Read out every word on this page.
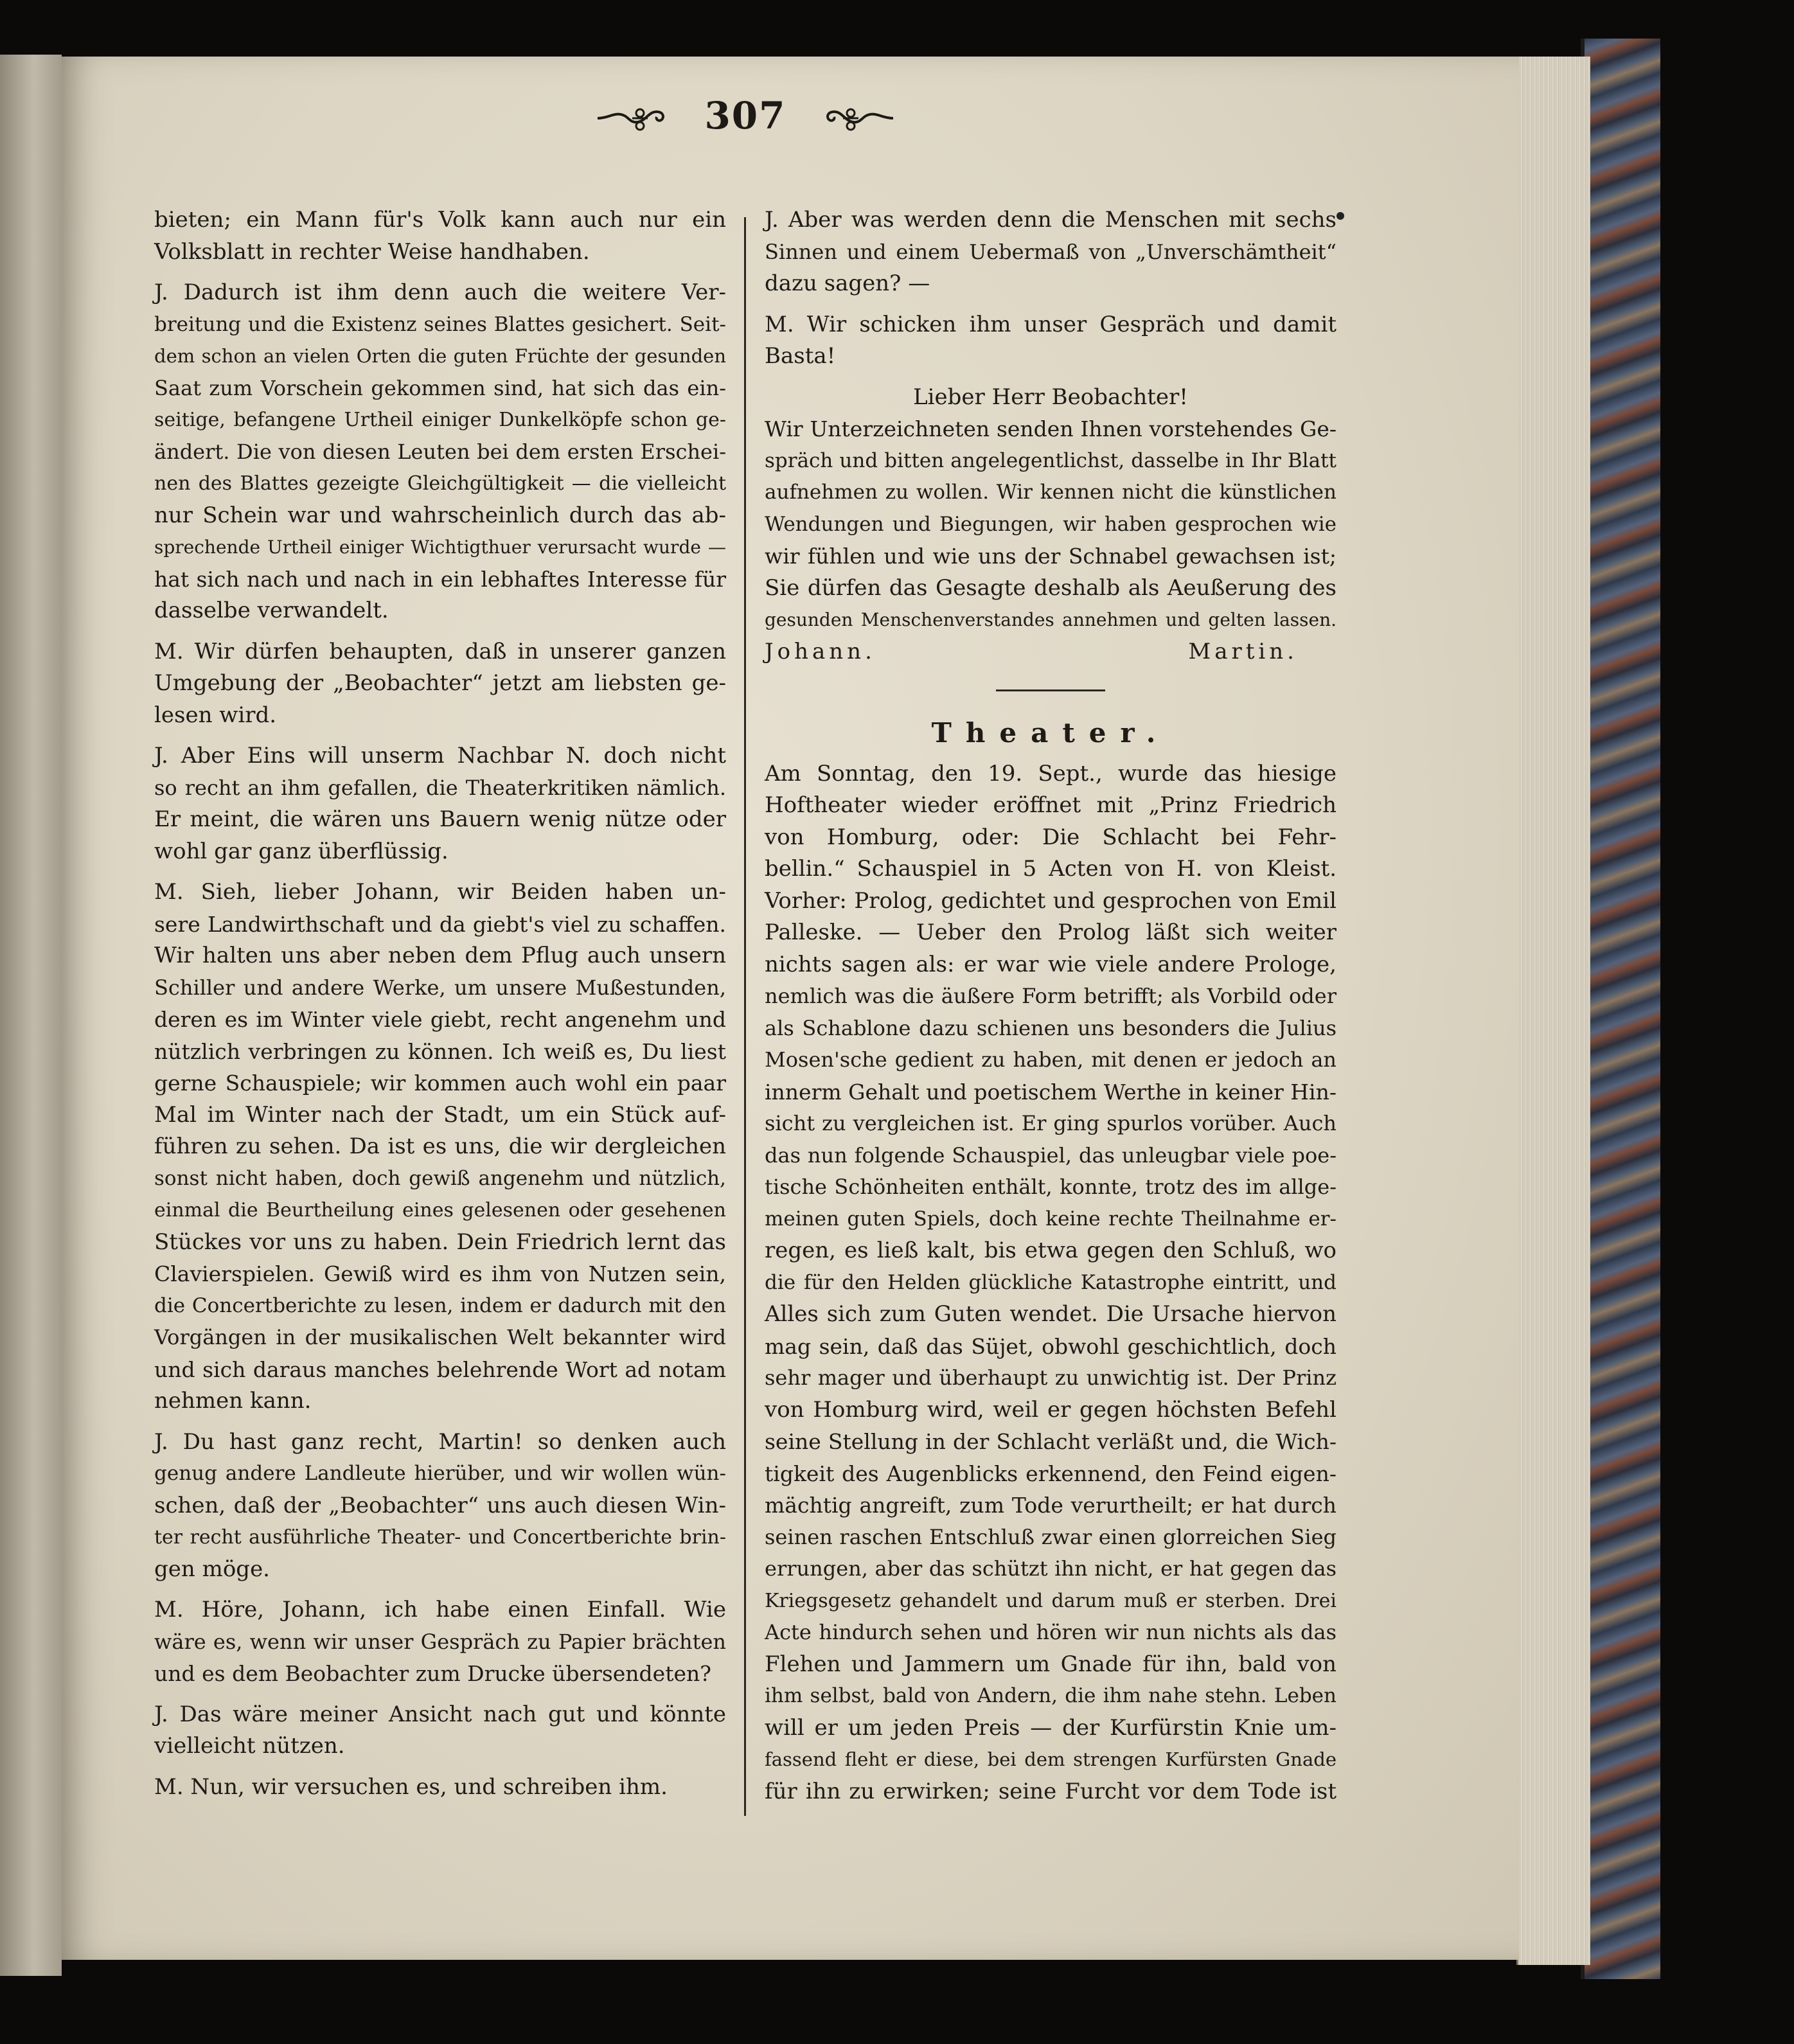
307

bieten; ein Mann für's Volk kann auch nur ein

Volksblatt in rechter Weise handhaben.

J. Dadurch ist ihm denn auch die weitere Ver-

breitung und die Existenz seines Blattes gesichert. Seit-

dem schon an vielen Orten die guten Früchte der gesunden

Saat zum Vorschein gekommen sind, hat sich das ein-

seitige, befangene Urtheil einiger Dunkelköpfe schon ge-

ändert. Die von diesen Leuten bei dem ersten Erschei-

nen des Blattes gezeigte Gleichgültigkeit — die vielleicht

nur Schein war und wahrscheinlich durch das ab-

sprechende Urtheil einiger Wichtigthuer verursacht wurde —

hat sich nach und nach in ein lebhaftes Interesse für

dasselbe verwandelt.

M. Wir dürfen behaupten, daß in unserer ganzen

Umgebung der „Beobachter“ jetzt am liebsten ge-

lesen wird.

J. Aber Eins will unserm Nachbar N. doch nicht

so recht an ihm gefallen, die Theaterkritiken nämlich.

Er meint, die wären uns Bauern wenig nütze oder

wohl gar ganz überflüssig.

M. Sieh, lieber Johann, wir Beiden haben un-

sere Landwirthschaft und da giebt's viel zu schaffen.

Wir halten uns aber neben dem Pflug auch unsern

Schiller und andere Werke, um unsere Mußestunden,

deren es im Winter viele giebt, recht angenehm und

nützlich verbringen zu können. Ich weiß es, Du liest

gerne Schauspiele; wir kommen auch wohl ein paar

Mal im Winter nach der Stadt, um ein Stück auf-

führen zu sehen. Da ist es uns, die wir dergleichen

sonst nicht haben, doch gewiß angenehm und nützlich,

einmal die Beurtheilung eines gelesenen oder gesehenen

Stückes vor uns zu haben. Dein Friedrich lernt das

Clavierspielen. Gewiß wird es ihm von Nutzen sein,

die Concertberichte zu lesen, indem er dadurch mit den

Vorgängen in der musikalischen Welt bekannter wird

und sich daraus manches belehrende Wort ad notam

nehmen kann.

J. Du hast ganz recht, Martin! so denken auch

genug andere Landleute hierüber, und wir wollen wün-

schen, daß der „Beobachter“ uns auch diesen Win-

ter recht ausführliche Theater- und Concertberichte brin-

gen möge.

M. Höre, Johann, ich habe einen Einfall. Wie

wäre es, wenn wir unser Gespräch zu Papier brächten

und es dem Beobachter zum Drucke übersendeten?

J. Das wäre meiner Ansicht nach gut und könnte

vielleicht nützen.

M. Nun, wir versuchen es, und schreiben ihm.

J. Aber was werden denn die Menschen mit sechs

Sinnen und einem Uebermaß von „Unverschämtheit“

dazu sagen? —

M. Wir schicken ihm unser Gespräch und damit

Basta!

Lieber Herr Beobachter!

Wir Unterzeichneten senden Ihnen vorstehendes Ge-

spräch und bitten angelegentlichst, dasselbe in Ihr Blatt

aufnehmen zu wollen. Wir kennen nicht die künstlichen

Wendungen und Biegungen, wir haben gesprochen wie

wir fühlen und wie uns der Schnabel gewachsen ist;

Sie dürfen das Gesagte deshalb als Aeußerung des

gesunden Menschenverstandes annehmen und gelten lassen.

Johann. Martin.

Theater.

Am Sonntag, den 19. Sept., wurde das hiesige

Hoftheater wieder eröffnet mit „Prinz Friedrich

von Homburg, oder: Die Schlacht bei Fehr-

bellin.“ Schauspiel in 5 Acten von H. von Kleist.

Vorher: Prolog, gedichtet und gesprochen von Emil

Palleske. — Ueber den Prolog läßt sich weiter

nichts sagen als: er war wie viele andere Prologe,

nemlich was die äußere Form betrifft; als Vorbild oder

als Schablone dazu schienen uns besonders die Julius

Mosen'sche gedient zu haben, mit denen er jedoch an

innerm Gehalt und poetischem Werthe in keiner Hin-

sicht zu vergleichen ist. Er ging spurlos vorüber. Auch

das nun folgende Schauspiel, das unleugbar viele poe-

tische Schönheiten enthält, konnte, trotz des im allge-

meinen guten Spiels, doch keine rechte Theilnahme er-

regen, es ließ kalt, bis etwa gegen den Schluß, wo

die für den Helden glückliche Katastrophe eintritt, und

Alles sich zum Guten wendet. Die Ursache hiervon

mag sein, daß das Süjet, obwohl geschichtlich, doch

sehr mager und überhaupt zu unwichtig ist. Der Prinz

von Homburg wird, weil er gegen höchsten Befehl

seine Stellung in der Schlacht verläßt und, die Wich-

tigkeit des Augenblicks erkennend, den Feind eigen-

mächtig angreift, zum Tode verurtheilt; er hat durch

seinen raschen Entschluß zwar einen glorreichen Sieg

errungen, aber das schützt ihn nicht, er hat gegen das

Kriegsgesetz gehandelt und darum muß er sterben. Drei

Acte hindurch sehen und hören wir nun nichts als das

Flehen und Jammern um Gnade für ihn, bald von

ihm selbst, bald von Andern, die ihm nahe stehn. Leben

will er um jeden Preis — der Kurfürstin Knie um-

fassend fleht er diese, bei dem strengen Kurfürsten Gnade

für ihn zu erwirken; seine Furcht vor dem Tode ist
